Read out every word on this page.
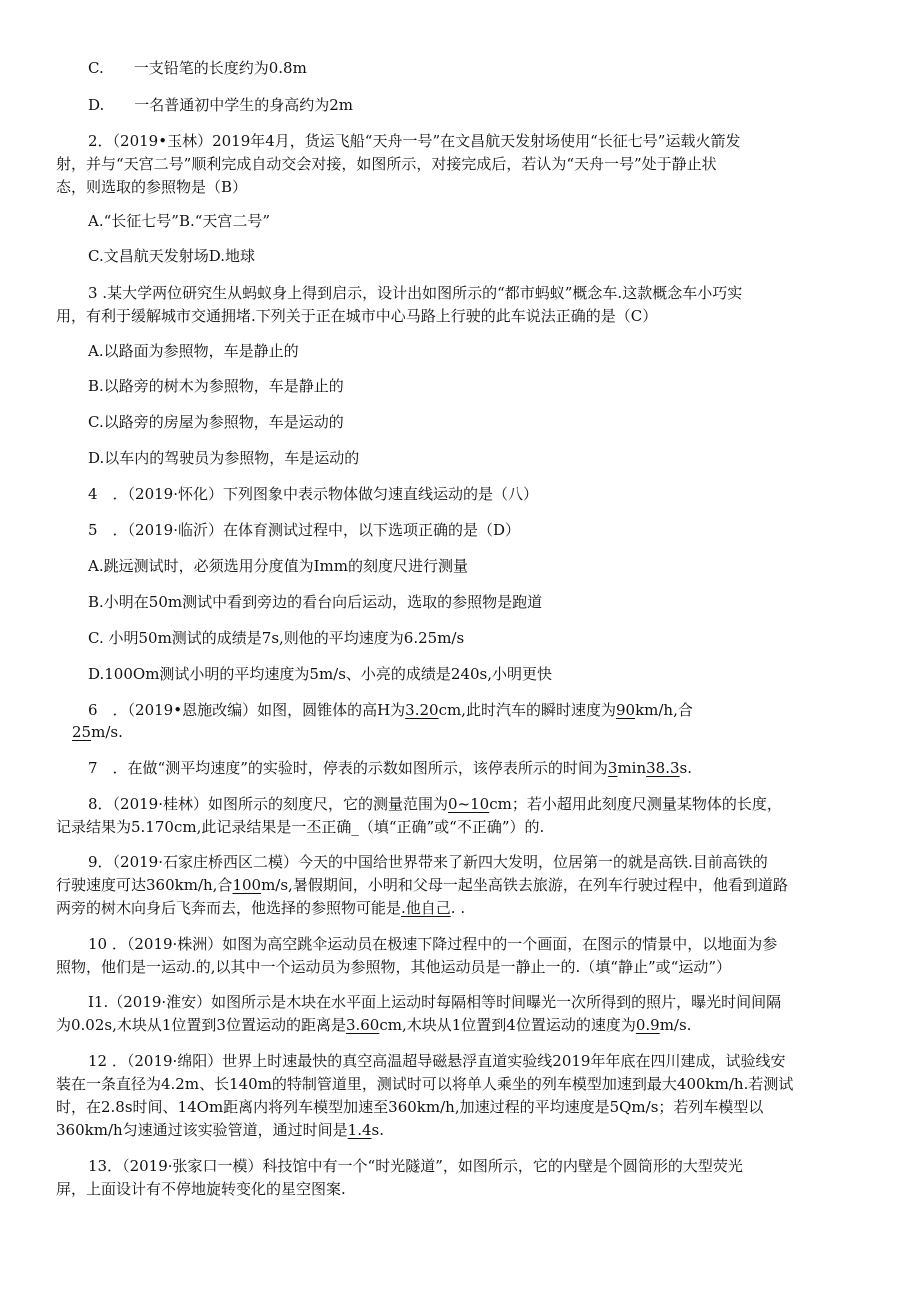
C.　　一支铅笔的长度约为0.8m
D.　　一名普通初中学生的身高约为2m
2．（2019•玉林）2019年4月，货运飞船“天舟一号”在文昌航天发射场使用“长征七号”运载火箭发
射，并与“天宫二号”顺利完成自动交会对接，如图所示，对接完成后，若认为“天舟一号”处于静止状
态，则选取的参照物是（B）
A.“长征七号”B.“天宫二号”
C.文昌航天发射场D.地球
3 .某大学两位研究生从蚂蚁身上得到启示，设计出如图所示的“都市蚂蚁”概念车.这款概念车小巧实
用，有利于缓解城市交通拥堵.下列关于正在城市中心马路上行驶的此车说法正确的是（C）
A.以路面为参照物，车是静止的
B.以路旁的树木为参照物，车是静止的
C.以路旁的房屋为参照物，车是运动的
D.以车内的驾驶员为参照物，车是运动的
4　．（2019·怀化）下列图象中表示物体做匀速直线运动的是（八）
5　．（2019·临沂）在体育测试过程中，以下选项正确的是（D）
A.跳远测试时，必须选用分度值为Imm的刻度尺进行测量
B.小明在50m测试中看到旁边的看台向后运动，选取的参照物是跑道
C. 小明50m测试的成绩是7s,则他的平均速度为6.25m/s
D.100Om测试小明的平均速度为5m/s、小亮的成绩是240s,小明更快
6　．（2019•恩施改编）如图，圆锥体的高H为3.20cm,此时汽车的瞬时速度为90km/h,合
25m/s.
7　．在做“测平均速度”的实验时，停表的示数如图所示，该停表所示的时间为3min38.3s.
8．（2019·桂林）如图所示的刻度尺，它的测量范围为0~10cm；若小超用此刻度尺测量某物体的长度，
记录结果为5.170cm,此记录结果是一丕正确_（填“正确”或“不正确”）的.
9．（2019·石家庄桥西区二模）今天的中国给世界带来了新四大发明，位居第一的就是高铁.目前高铁的
行驶速度可达360km/h,合100m/s,暑假期间，小明和父母一起坐高铁去旅游，在列车行驶过程中，他看到道路
两旁的树木向身后飞奔而去，他选择的参照物可能是.他自己. .
10 ．（2019·株洲）如图为高空跳伞运动员在极速下降过程中的一个画面，在图示的情景中，以地面为参
照物，他们是一运动.的,以其中一个运动员为参照物，其他运动员是一静止一的.（填“静止”或“运动”）
I1.（2019·淮安）如图所示是木块在水平面上运动时每隔相等时间曝光一次所得到的照片，曝光时间间隔
为0.02s,木块从1位置到3位置运动的距离是3.60cm,木块从1位置到4位置运动的速度为0.9m/s.
12 ．（2019·绵阳）世界上时速最快的真空高温超导磁悬浮直道实验线2019年年底在四川建成，试验线安
装在一条直径为4.2m、长140m的特制管道里，测试时可以将单人乘坐的列车模型加速到最大400km/h.若测试
时，在2.8s时间、14Om距离内将列车模型加速至360km/h,加速过程的平均速度是5Qm/s；若列车模型以
360km/h匀速通过该实验管道，通过时间是1.4s.
13．（2019·张家口一模）科技馆中有一个“时光隧道”，如图所示，它的内壁是个圆筒形的大型荧光
屏，上面设计有不停地旋转变化的星空图案.
